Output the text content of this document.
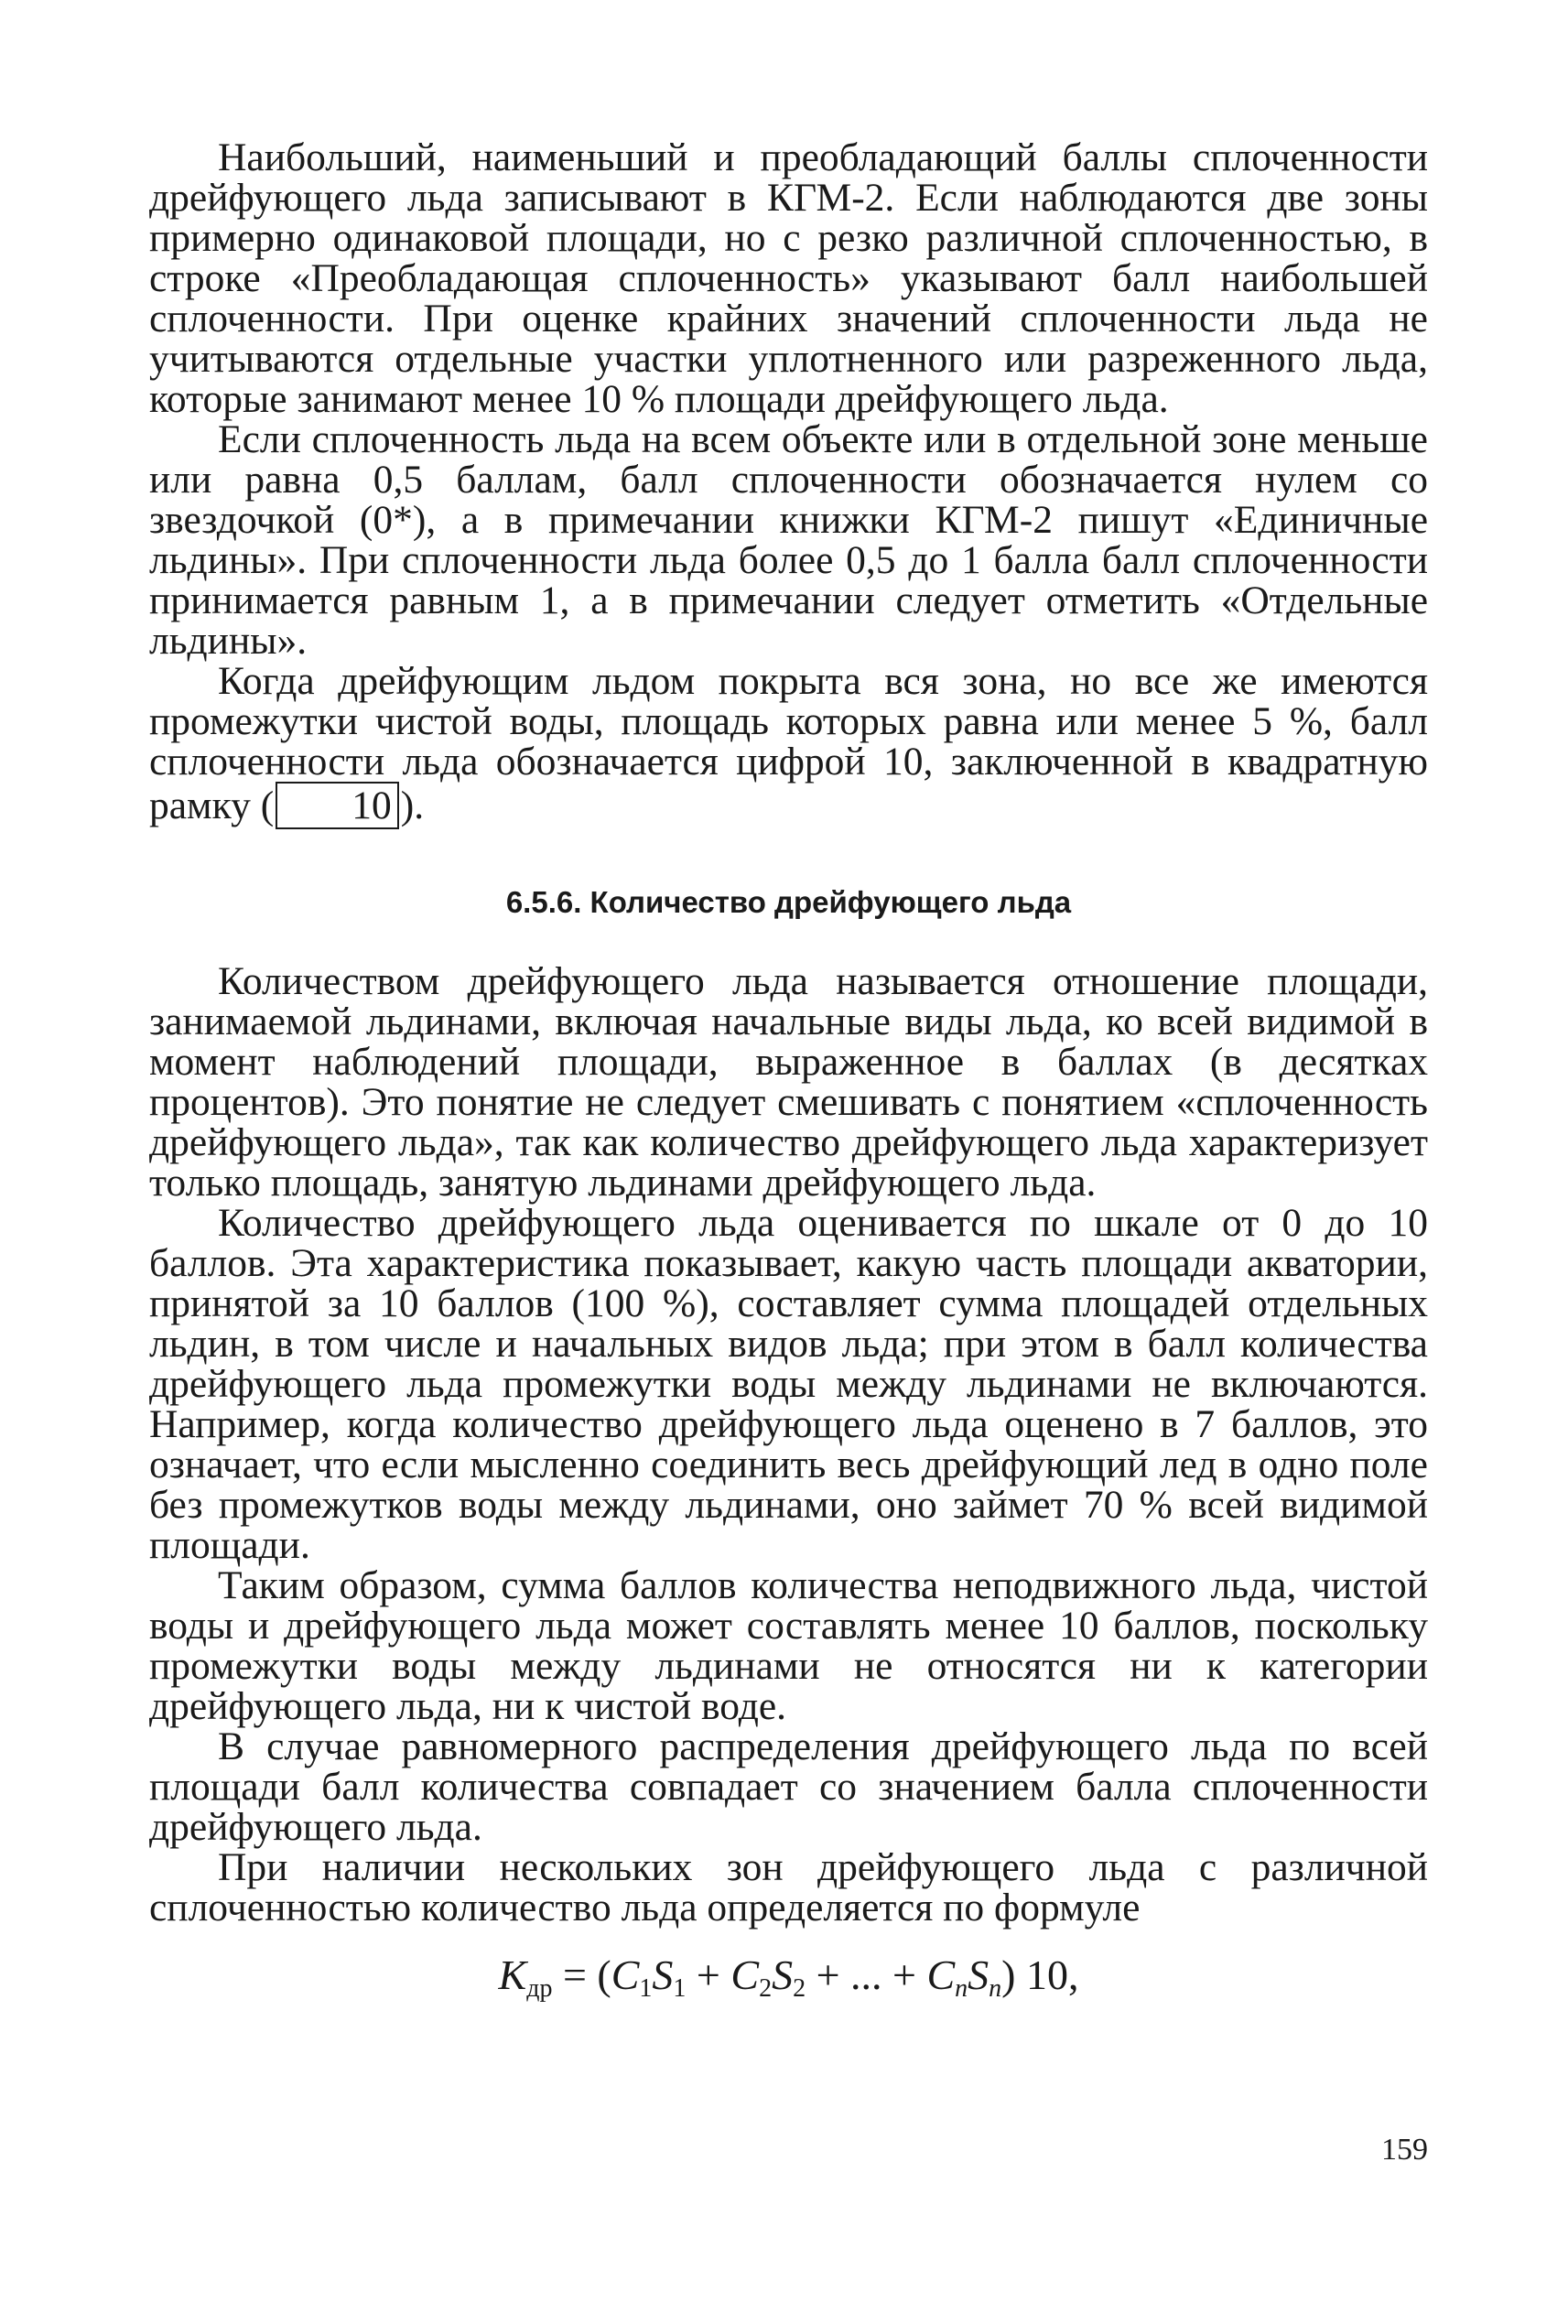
Наибольший, наименьший и преобладающий баллы сплоченности дрейфующего льда записывают в КГМ-2. Если наблюдаются две зоны примерно одинаковой площади, но с резко различной сплоченностью, в строке «Преобладающая сплоченность» указывают балл наибольшей сплоченности. При оценке крайних значений сплоченности льда не учитываются отдельные участки уплотненного или разреженного льда, которые занимают менее 10 % площади дрейфующего льда.

Если сплоченность льда на всем объекте или в отдельной зоне меньше или равна 0,5 баллам, балл сплоченности обозначается нулем со звездочкой (0*), а в примечании книжки КГМ-2 пишут «Единичные льдины». При сплоченности льда более 0,5 до 1 балла балл сплоченности принимается равным 1, а в примечании следует отметить «Отдельные льдины».

Когда дрейфующим льдом покрыта вся зона, но все же имеются промежутки чистой воды, площадь которых равна или менее 5 %, балл сплоченности льда обозначается цифрой 10, заключенной в квадратную рамку ( 10 ).

6.5.6. Количество дрейфующего льда

Количеством дрейфующего льда называется отношение площади, занимаемой льдинами, включая начальные виды льда, ко всей видимой в момент наблюдений площади, выраженное в баллах (в десятках процентов). Это понятие не следует смешивать с понятием «сплоченность дрейфующего льда», так как количество дрейфующего льда характеризует только площадь, занятую льдинами дрейфующего льда.

Количество дрейфующего льда оценивается по шкале от 0 до 10 баллов. Эта характеристика показывает, какую часть площади акватории, принятой за 10 баллов (100 %), составляет сумма площадей отдельных льдин, в том числе и начальных видов льда; при этом в балл количества дрейфующего льда промежутки воды между льдинами не включаются. Например, когда количество дрейфующего льда оценено в 7 баллов, это означает, что если мысленно соединить весь дрейфующий лед в одно поле без промежутков воды между льдинами, оно займет 70 % всей видимой площади.

Таким образом, сумма баллов количества неподвижного льда, чистой воды и дрейфующего льда может составлять менее 10 баллов, поскольку промежутки воды между льдинами не относятся ни к категории дрейфующего льда, ни к чистой воде.

В случае равномерного распределения дрейфующего льда по всей площади балл количества совпадает со значением балла сплоченности дрейфующего льда.

При наличии нескольких зон дрейфующего льда с различной сплоченностью количество льда определяется по формуле

$K_{др} = (C_1S_1 + C_2S_2$ + ... + $C_nS_n$) 10,
159
